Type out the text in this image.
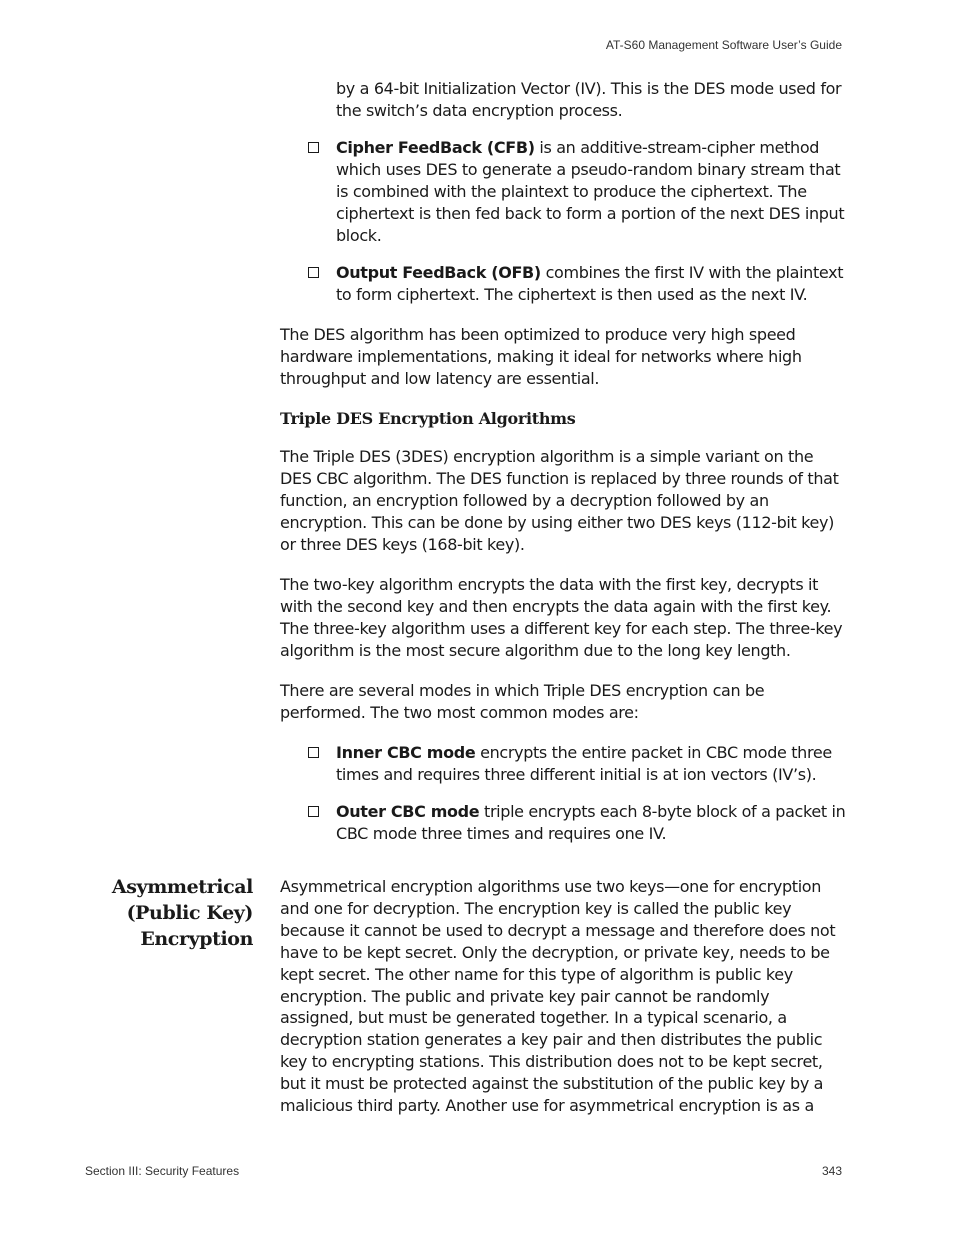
AT-S60 Management Software User’s Guide

by a 64-bit Initialization Vector (IV). This is the DES mode used for the switch’s data encryption process.

Cipher FeedBack (CFB) is an additive-stream-cipher method which uses DES to generate a pseudo-random binary stream that is combined with the plaintext to produce the ciphertext. The ciphertext is then fed back to form a portion of the next DES input block.
Output FeedBack (OFB) combines the first IV with the plaintext to form ciphertext. The ciphertext is then used as the next IV.

The DES algorithm has been optimized to produce very high speed hardware implementations, making it ideal for networks where high throughput and low latency are essential.

Triple DES Encryption Algorithms

The Triple DES (3DES) encryption algorithm is a simple variant on the DES CBC algorithm. The DES function is replaced by three rounds of that function, an encryption followed by a decryption followed by an encryption. This can be done by using either two DES keys (112-bit key) or three DES keys (168-bit key).

The two-key algorithm encrypts the data with the first key, decrypts it with the second key and then encrypts the data again with the first key. The three-key algorithm uses a different key for each step. The three-key algorithm is the most secure algorithm due to the long key length.

There are several modes in which Triple DES encryption can be performed. The two most common modes are:

Inner CBC mode encrypts the entire packet in CBC mode three times and requires three different initial is at ion vectors (IV’s).
Outer CBC mode triple encrypts each 8-byte block of a packet in CBC mode three times and requires one IV.
Asymmetrical
(Public Key)
Encryption

Asymmetrical encryption algorithms use two keys—one for encryption and one for decryption. The encryption key is called the public key because it cannot be used to decrypt a message and therefore does not have to be kept secret. Only the decryption, or private key, needs to be kept secret. The other name for this type of algorithm is public key encryption. The public and private key pair cannot be randomly assigned, but must be generated together. In a typical scenario, a decryption station generates a key pair and then distributes the public key to encrypting stations. This distribution does not to be kept secret, but it must be protected against the substitution of the public key by a malicious third party. Another use for asymmetrical encryption is as a

Section III: Security Features	343
